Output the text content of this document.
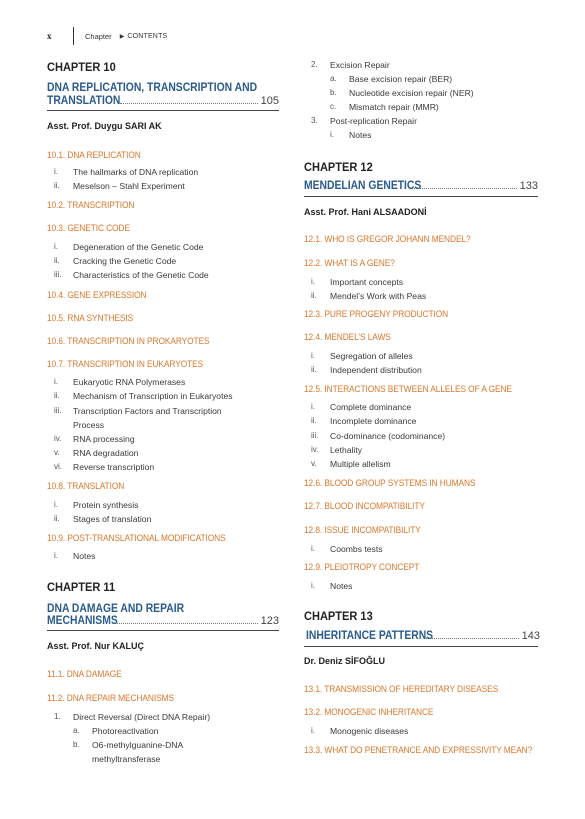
x	Chapter ▶ CONTENTS
CHAPTER 10
DNA REPLICATION, TRANSCRIPTION AND
TRANSLATION	105
Asst. Prof. Duygu SARI AK
10.1. DNA REPLICATION
i. The hallmarks of DNA replication
ii. Meselson – Stahl Experiment
10.2. TRANSCRIPTION
10.3. GENETIC CODE
i. Degeneration of the Genetic Code
ii. Cracking the Genetic Code
iii. Characteristics of the Genetic Code
10.4. GENE EXPRESSION
10.5. RNA SYNTHESIS
10.6. TRANSCRIPTION IN PROKARYOTES
10.7. TRANSCRIPTION IN EUKARYOTES
i. Eukaryotic RNA Polymerases
ii. Mechanism of Transcription in Eukaryotes
iii. Transcription Factors and Transcription
Process
iv. RNA processing
v. RNA degradation
vi. Reverse transcription
10.8. TRANSLATION
i. Protein synthesis
ii. Stages of translation
10.9. POST-TRANSLATIONAL MODIFICATIONS
i. Notes
CHAPTER 11
DNA DAMAGE AND REPAIR
MECHANISMS	123
Asst. Prof. Nur KALUÇ
11.1. DNA DAMAGE
11.2. DNA REPAIR MECHANISMS
1. Direct Reversal (Direct DNA Repair)
a. Photoreactivation
b. O6-methylguanine-DNA
methyltransferase
2. Excision Repair
a. Base excision repair (BER)
b. Nucleotide excision repair (NER)
c. Mismatch repair (MMR)
3. Post-replication Repair
i. Notes
CHAPTER 12
MENDELIAN GENETICS	133
Asst. Prof. Hani ALSAADONİ
12.1. WHO IS GREGOR JOHANN MENDEL?
12.2. WHAT IS A GENE?
i. Important concepts
ii. Mendel’s Work with Peas
12.3. PURE PROGENY PRODUCTION
12.4. MENDEL’S LAWS
i. Segregation of alleles
ii. Independent distribution
12.5. INTERACTIONS BETWEEN ALLELES OF A GENE
i. Complete dominance
ii. Incomplete dominance
iii. Co-dominance (codominance)
iv. Lethality
v. Multiple allelism
12.6. BLOOD GROUP SYSTEMS IN HUMANS
12.7. BLOOD INCOMPATIBILITY
12.8. ISSUE INCOMPATIBILITY
i. Coombs tests
12.9. PLEIOTROPY CONCEPT
i. Notes
CHAPTER 13
INHERITANCE PATTERNS	143
Dr. Deniz SİFOĞLU
13.1. TRANSMISSION OF HEREDITARY DISEASES
13.2. MONOGENIC INHERITANCE
i. Monogenic diseases
13.3. WHAT DO PENETRANCE AND EXPRESSIVITY MEAN?
